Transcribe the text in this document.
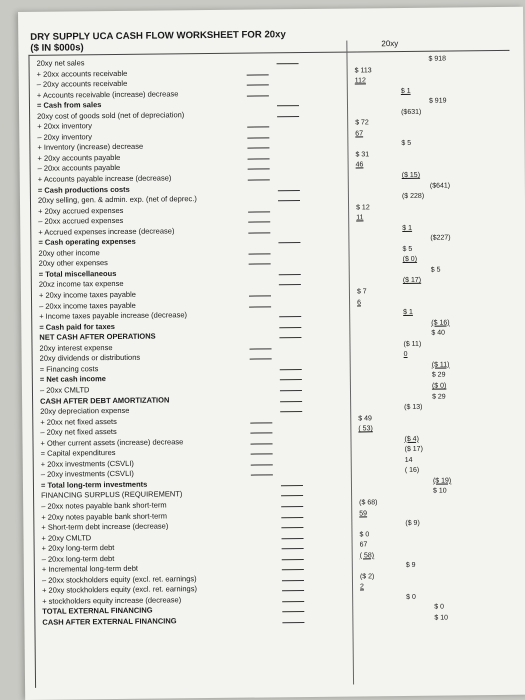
DRY SUPPLY UCA CASH FLOW WORKSHEET FOR 20xy
($ IN $000s)	20xy
20xy net sales	$ 918
+ 20xx accounts receivable	$ 113
– 20xy accounts receivable	112
+ Accounts receivable (increase) decrease	$ 1
= Cash from sales	$ 919
20xy cost of goods sold (net of depreciation)	($631)
+ 20xx inventory	$ 72
– 20xy inventory	67
+ Inventory (increase) decrease	$ 5
+ 20xy accounts payable	$ 31
– 20xx accounts payable	46
+ Accounts payable increase (decrease)	($ 15)
= Cash productions costs	($641)
20xy selling, gen. & admin. exp. (net of deprec.)	($ 228)
+ 20xy accrued expenses	$ 12
– 20xx accrued expenses	11
+ Accrued expenses increase (decrease)	$ 1
= Cash operating expenses	($227)
20xy other income	$ 5
20xy other expenses	($ 0)
= Total miscellaneous	$ 5
20xz income tax expense	($ 17)
+ 20xy income taxes payable	$ 7
– 20xx income taxes payable	6
+ Income taxes payable increase (decrease)	$ 1
= Cash paid for taxes	($ 16)
NET CASH AFTER OPERATIONS	$ 40
20xy interest expense	($ 11)
20xy dividends or distributions	0
= Financing costs	($ 11)
= Net cash income	$ 29
– 20xx CMLTD	($ 0)
CASH AFTER DEBT AMORTIZATION	$ 29
20xy depreciation expense	($ 13)
+ 20xx net fixed assets	$ 49
– 20xy net fixed assets	( 53)
+ Other current assets (increase) decrease	($ 4)
= Capital expenditures	($ 17)
+ 20xx investments (CSVLI)	14
– 20xy investments (CSVLI)	( 16)
= Total long-term investments	($ 19)
FINANCING SURPLUS (REQUIREMENT)	$ 10
– 20xx notes payable bank short-term	($ 68)
+ 20xy notes payable bank short-term	59
+ Short-term debt increase (decrease)	($ 9)
+ 20xy CMLTD	$ 0
+ 20xy long-term debt	67
– 20xx long-term debt	( 58)
+ Incremental long-term debt	$ 9
– 20xx stockholders equity (excl. ret. earnings)	($ 2)
+ 20xy stockholders equity (excl. ret. earnings)	2
+ stockholders equity increase (decrease)	$ 0
TOTAL EXTERNAL FINANCING	$ 0
CASH AFTER EXTERNAL FINANCING	$ 10
